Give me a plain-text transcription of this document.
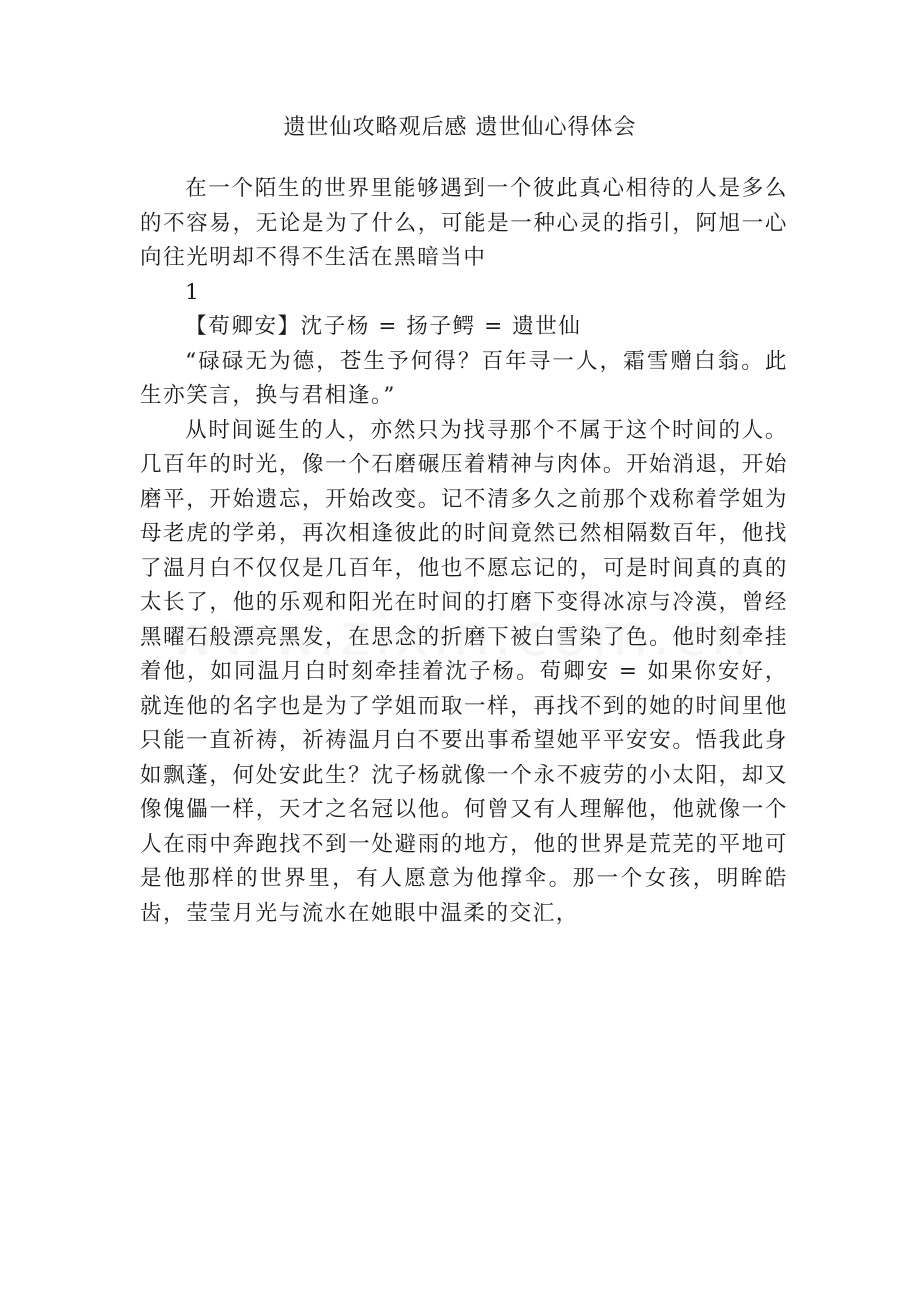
遗世仙攻略观后感 遗世仙心得体会

在一个陌生的世界里能够遇到一个彼此真心相待的人是多么的不容易，无论是为了什么，可能是一种心灵的指引，阿旭一心向往光明却不得不生活在黑暗当中

1

【荀卿安】沈子杨 = 扬子鳄 = 遗世仙

“碌碌无为德，苍生予何得？百年寻一人，霜雪赠白翁。此生亦笑言，换与君相逢。”

从时间诞生的人，亦然只为找寻那个不属于这个时间的人。几百年的时光，像一个石磨碾压着精神与肉体。开始消退，开始磨平，开始遗忘，开始改变。记不清多久之前那个戏称着学姐为母老虎的学弟，再次相逢彼此的时间竟然已然相隔数百年，他找了温月白不仅仅是几百年，他也不愿忘记的，可是时间真的真的太长了，他的乐观和阳光在时间的打磨下变得冰凉与冷漠，曾经黑曜石般漂亮黑发，在思念的折磨下被白雪染了色。他时刻牵挂着他，如同温月白时刻牵挂着沈子杨。荀卿安 = 如果你安好，就连他的名字也是为了学姐而取一样，再找不到的她的时间里他只能一直祈祷，祈祷温月白不要出事希望她平平安安。悟我此身如飘蓬，何处安此生？沈子杨就像一个永不疲劳的小太阳，却又像傀儡一样，天才之名冠以他。何曾又有人理解他，他就像一个人在雨中奔跑找不到一处避雨的地方，他的世界是荒芜的平地可是他那样的世界里，有人愿意为他撑伞。那一个女孩，明眸皓齿，莹莹月光与流水在她眼中温柔的交汇，
